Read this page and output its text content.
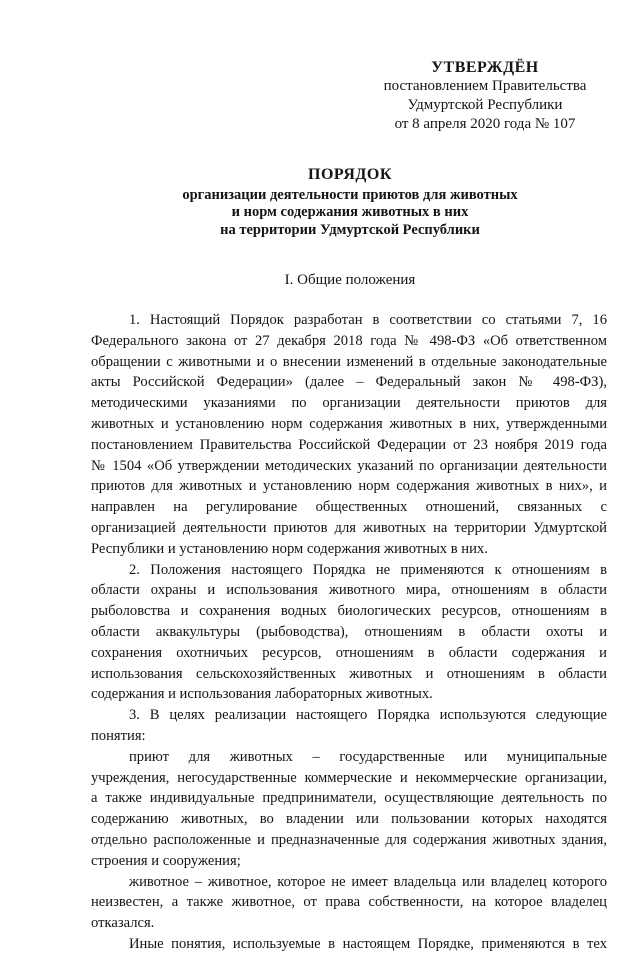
УТВЕРЖДЁН
постановлением Правительства
Удмуртской Республики
от 8 апреля 2020 года № 107
ПОРЯДОК
организации деятельности приютов для животных
и норм содержания животных в них
на территории Удмуртской Республики
I. Общие положения

1. Настоящий Порядок разработан в соответствии со статьями 7, 16

Федерального закона от 27 декабря 2018 года № 498-ФЗ «Об ответственном

обращении с животными и о внесении изменений в отдельные законодательные

акты Российской Федерации» (далее – Федеральный закон № 498-ФЗ),

методическими указаниями по организации деятельности приютов для

животных и установлению норм содержания животных в них, утвержденными

постановлением Правительства Российской Федерации от 23 ноября 2019 года

№ 1504 «Об утверждении методических указаний по организации деятельности

приютов для животных и установлению норм содержания животных в них», и

направлен на регулирование общественных отношений, связанных с

организацией деятельности приютов для животных на территории Удмуртской

Республики и установлению норм содержания животных в них.

2. Положения настоящего Порядка не применяются к отношениям в

области охраны и использования животного мира, отношениям в области

рыболовства и сохранения водных биологических ресурсов, отношениям в

области аквакультуры (рыбоводства), отношениям в области охоты и

сохранения охотничьих ресурсов, отношениям в области содержания и

использования сельскохозяйственных животных и отношениям в области

содержания и использования лабораторных животных.

3. В целях реализации настоящего Порядка используются следующие

понятия:

приют для животных – государственные или муниципальные

учреждения, негосударственные коммерческие и некоммерческие организации,

а также индивидуальные предприниматели, осуществляющие деятельность по

содержанию животных, во владении или пользовании которых находятся

отдельно расположенные и предназначенные для содержания животных здания,

строения и сооружения;

животное – животное, которое не имеет владельца или владелец которого

неизвестен, а также животное, от права собственности, на которое владелец

отказался.

Иные понятия, используемые в настоящем Порядке, применяются в тех
